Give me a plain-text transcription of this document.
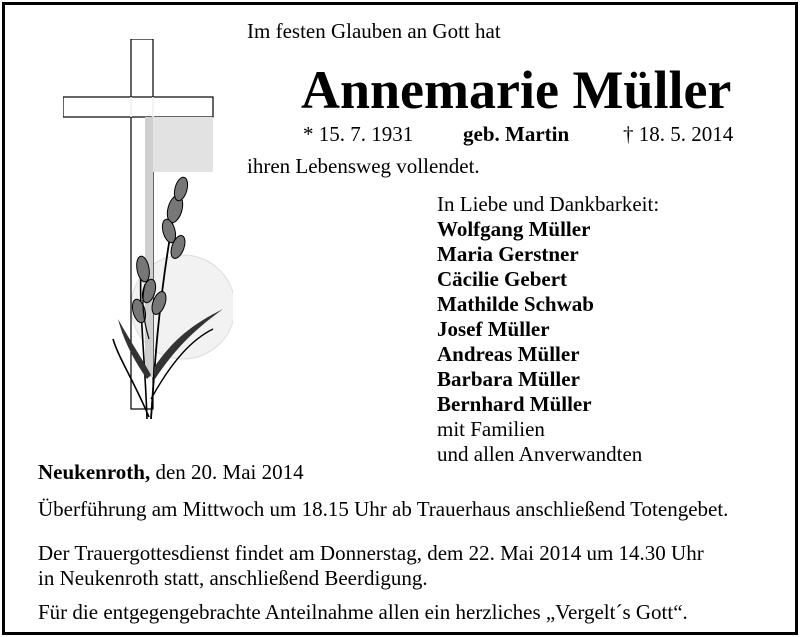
Im festen Glauben an Gott hat
Annemarie Müller
* 15. 7. 1931 geb. Martin	† 18. 5. 2014
ihren Lebensweg vollendet.
In Liebe und Dankbarkeit:
Wolfgang Müller
Maria Gerstner
Cäcilie Gebert
Mathilde Schwab
Josef Müller
Andreas Müller
Barbara Müller
Bernhard Müller
mit Familien
und allen Anverwandten
Neukenroth, den 20. Mai 2014
Überführung am Mittwoch um 18.15 Uhr ab Trauerhaus anschließend Totengebet.
Der Trauergottesdienst findet am Donnerstag, dem 22. Mai 2014 um 14.30 Uhr
in Neukenroth statt, anschließend Beerdigung.
Für die entgegengebrachte Anteilnahme allen ein herzliches „Vergelt´s Gott“.
